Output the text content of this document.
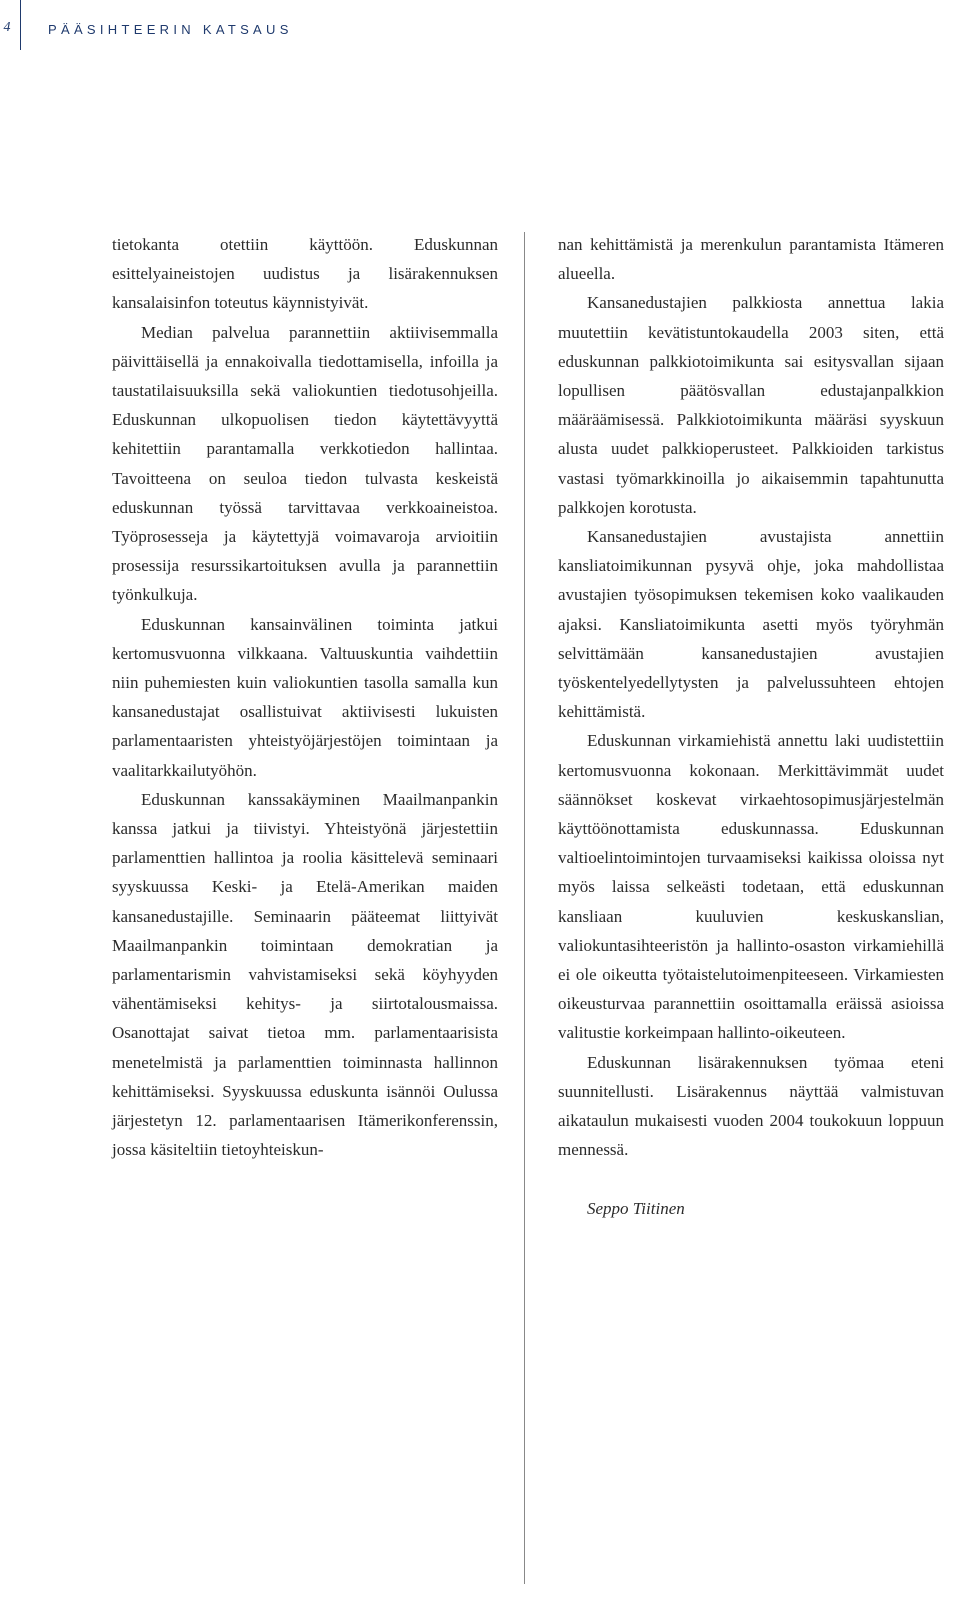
4	PÄÄSIHTEERIN KATSAUS

tietokanta otettiin käyttöön. Eduskunnan esittelyaineistojen uudistus ja lisärakennuksen kansalaisinfon toteutus käynnistyivät.

Median palvelua parannettiin aktiivisemmalla päivittäisellä ja ennakoivalla tiedottamisella, infoilla ja taustatilaisuuksilla sekä valiokuntien tiedotusohjeilla. Eduskunnan ulkopuolisen tiedon käytettävyyttä kehitettiin parantamalla verkkotiedon hallintaa. Tavoitteena on seuloa tiedon tulvasta keskeistä eduskunnan työssä tarvittavaa verkkoaineistoa. Työprosesseja ja käytettyjä voimavaroja arvioitiin prosessija resurssikartoituksen avulla ja parannettiin työnkulkuja.

Eduskunnan kansainvälinen toiminta jatkui kertomusvuonna vilkkaana. Valtuuskuntia vaihdettiin niin puhemiesten kuin valiokuntien tasolla samalla kun kansanedustajat osallistuivat aktiivisesti lukuisten parlamentaaristen yhteistyöjärjestöjen toimintaan ja vaalitarkkailutyöhön.

Eduskunnan kanssakäyminen Maailmanpankin kanssa jatkui ja tiivistyi. Yhteistyönä järjestettiin parlamenttien hallintoa ja roolia käsittelevä seminaari syyskuussa Keski- ja Etelä-Amerikan maiden kansanedustajille. Seminaarin pääteemat liittyivät Maailmanpankin toimintaan demokratian ja parlamentarismin vahvistamiseksi sekä köyhyyden vähentämiseksi kehitys- ja siirtotalousmaissa. Osanottajat saivat tietoa mm. parlamentaarisista menetelmistä ja parlamenttien toiminnasta hallinnon kehittämiseksi. Syyskuussa eduskunta isännöi Oulussa järjestetyn 12. parlamentaarisen Itämerikonferenssin, jossa käsiteltiin tietoyhteiskun-

nan kehittämistä ja merenkulun parantamista Itämeren alueella.

Kansanedustajien palkkiosta annettua lakia muutettiin kevätistuntokaudella 2003 siten, että eduskunnan palkkiotoimikunta sai esitysvallan sijaan lopullisen päätösvallan edustajanpalkkion määräämisessä. Palkkiotoimikunta määräsi syyskuun alusta uudet palkkioperusteet. Palkkioiden tarkistus vastasi työmarkkinoilla jo aikaisemmin tapahtunutta palkkojen korotusta.

Kansanedustajien avustajista annettiin kansliatoimikunnan pysyvä ohje, joka mahdollistaa avustajien työsopimuksen tekemisen koko vaalikauden ajaksi. Kansliatoimikunta asetti myös työryhmän selvittämään kansanedustajien avustajien työskentelyedellytysten ja palvelussuhteen ehtojen kehittämistä.

Eduskunnan virkamiehistä annettu laki uudistettiin kertomusvuonna kokonaan. Merkittävimmät uudet säännökset koskevat virkaehtosopimusjärjestelmän käyttöönottamista eduskunnassa. Eduskunnan valtioelintoimintojen turvaamiseksi kaikissa oloissa nyt myös laissa selkeästi todetaan, että eduskunnan kansliaan kuuluvien keskuskanslian, valiokuntasihteeristön ja hallinto-osaston virkamiehillä ei ole oikeutta työtaistelutoimenpiteeseen. Virkamiesten oikeusturvaa parannettiin osoittamalla eräissä asioissa valitustie korkeimpaan hallinto-oikeuteen.

Eduskunnan lisärakennuksen työmaa eteni suunnitellusti. Lisärakennus näyttää valmistuvan aikataulun mukaisesti vuoden 2004 toukokuun loppuun mennessä.

Seppo Tiitinen
